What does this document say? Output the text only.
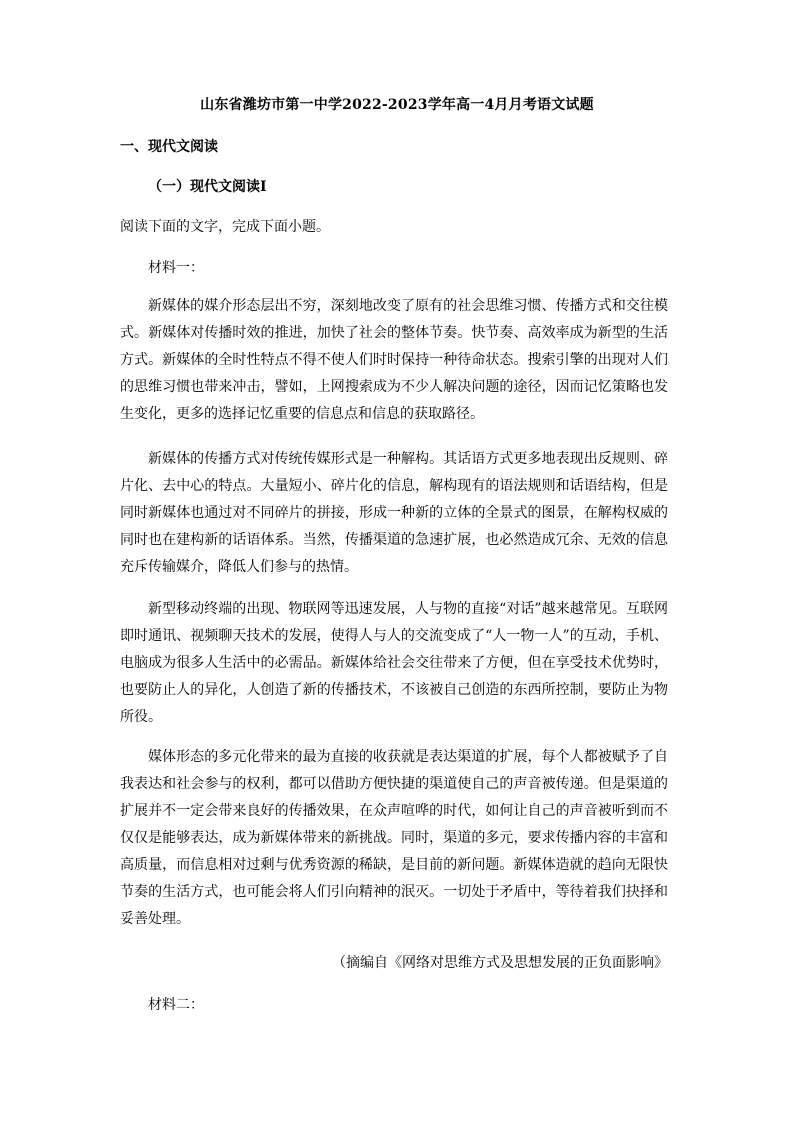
山东省潍坊市第一中学2022-2023学年高一4月月考语文试题
一、现代文阅读
（一）现代文阅读Ⅰ
阅读下面的文字，完成下面小题。
材料一：
新媒体的媒介形态层出不穷，深刻地改变了原有的社会思维习惯、传播方式和交往模式。新媒体对传播时效的推进，加快了社会的整体节奏。快节奏、高效率成为新型的生活方式。新媒体的全时性特点不得不使人们时时保持一种待命状态。搜索引擎的出现对人们的思维习惯也带来冲击，譬如，上网搜索成为不少人解决问题的途径，因而记忆策略也发生变化，更多的选择记忆重要的信息点和信息的获取路径。
新媒体的传播方式对传统传媒形式是一种解构。其话语方式更多地表现出反规则、碎片化、去中心的特点。大量短小、碎片化的信息，解构现有的语法规则和话语结构，但是同时新媒体也通过对不同碎片的拼接，形成一种新的立体的全景式的图景，在解构权威的同时也在建构新的话语体系。当然，传播渠道的急速扩展，也必然造成冗余、无效的信息充斥传输媒介，降低人们参与的热情。
新型移动终端的出现、物联网等迅速发展，人与物的直接“对话”越来越常见。互联网即时通讯、视频聊天技术的发展，使得人与人的交流变成了“人一物一人”的互动，手机、电脑成为很多人生活中的必需品。新媒体给社会交往带来了方便，但在享受技术优势时，也要防止人的异化，人创造了新的传播技术，不该被自己创造的东西所控制，要防止为物所役。
媒体形态的多元化带来的最为直接的收获就是表达渠道的扩展，每个人都被赋予了自我表达和社会参与的权利，都可以借助方便快捷的渠道使自己的声音被传递。但是渠道的扩展并不一定会带来良好的传播效果，在众声喧哗的时代，如何让自己的声音被听到而不仅仅是能够表达，成为新媒体带来的新挑战。同时，渠道的多元，要求传播内容的丰富和高质量，而信息相对过剩与优秀资源的稀缺，是目前的新问题。新媒体造就的趋向无限快节奏的生活方式，也可能会将人们引向精神的泯灭。一切处于矛盾中，等待着我们抉择和妥善处理。
（摘编自《网络对思维方式及思想发展的正负面影响》
材料二：
